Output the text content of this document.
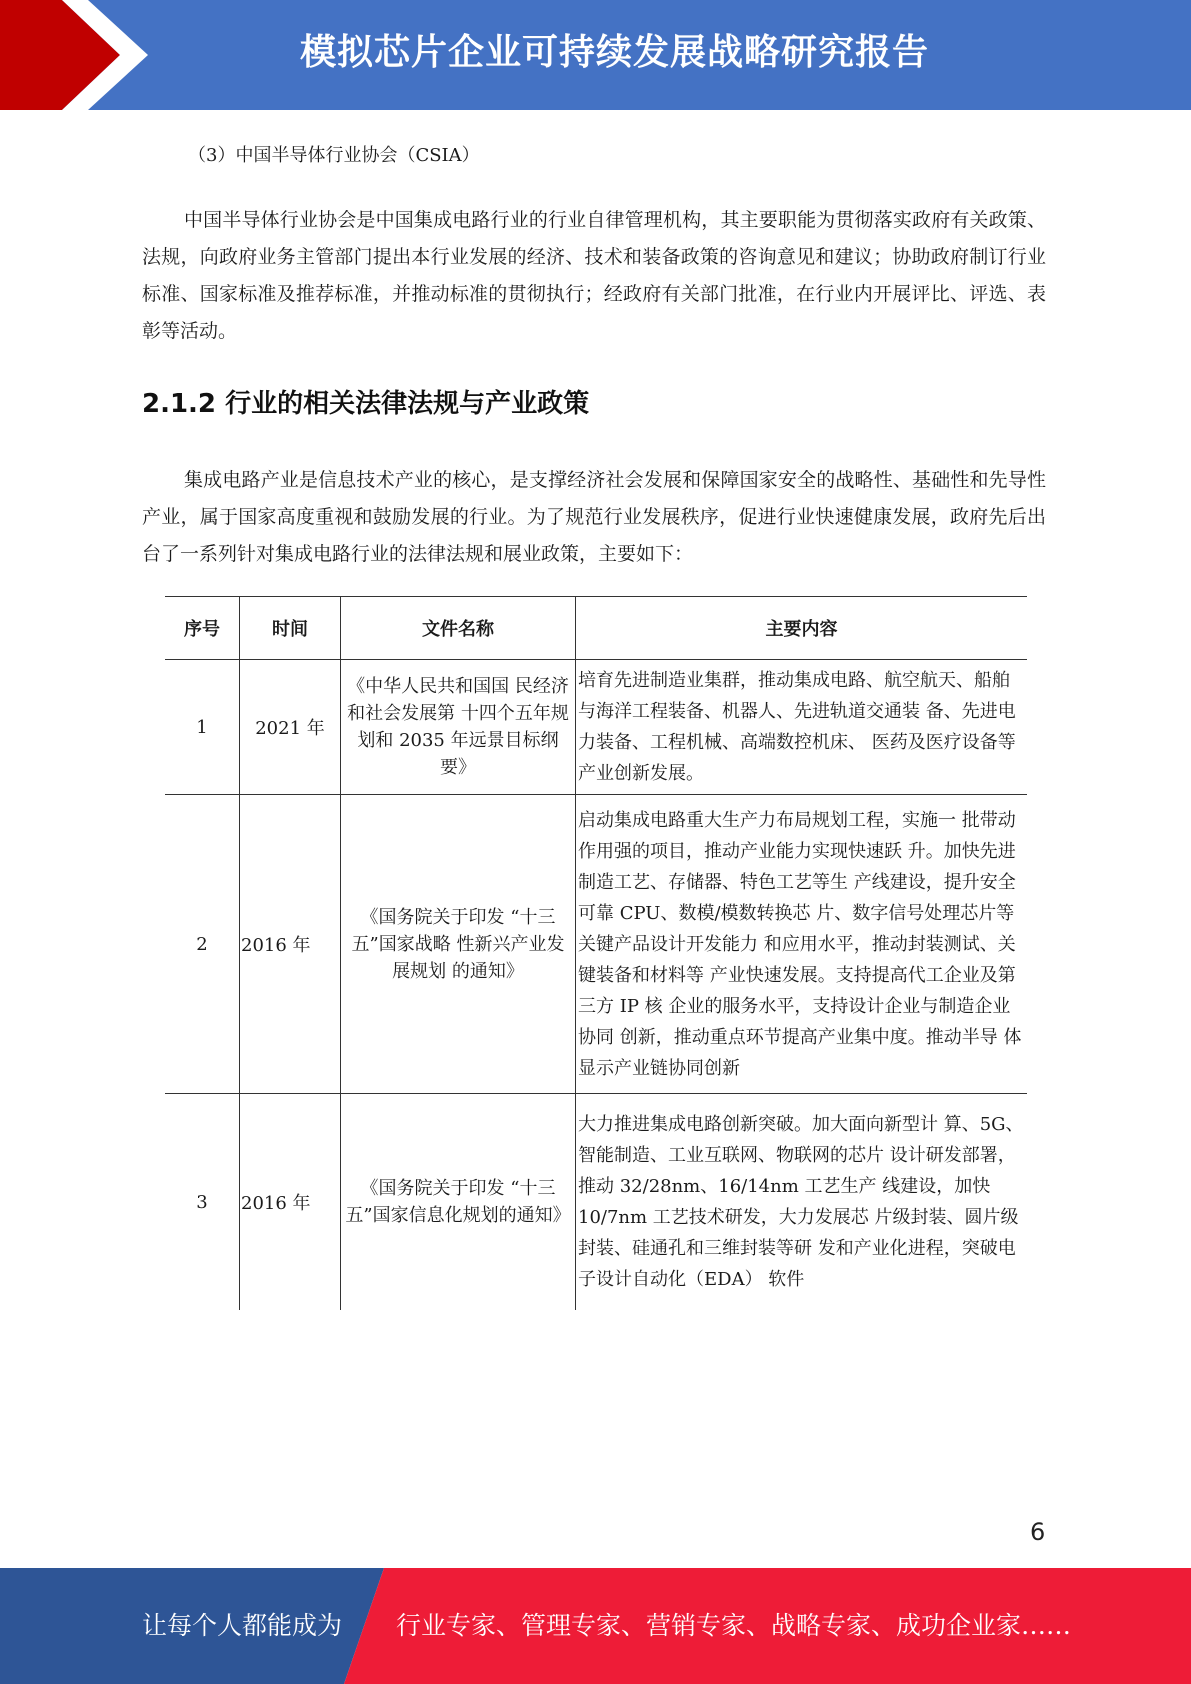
模拟芯片企业可持续发展战略研究报告
（3）中国半导体行业协会（CSIA）

中国半导体行业协会是中国集成电路行业的行业自律管理机构，其主要职能为贯彻落实政府有关政策、法规，向政府业务主管部门提出本行业发展的经济、技术和装备政策的咨询意见和建议；协助政府制订行业标准、国家标准及推荐标准，并推动标准的贯彻执行；经政府有关部门批准，在行业内开展评比、评选、表彰等活动。

2.1.2 行业的相关法律法规与产业政策

集成电路产业是信息技术产业的核心，是支撑经济社会发展和保障国家安全的战略性、基础性和先导性产业，属于国家高度重视和鼓励发展的行业。为了规范行业发展秩序，促进行业快速健康发展，政府先后出台了一系列针对集成电路行业的法律法规和展业政策，主要如下：

序号	时间	文件名称	主要内容
1	2021 年	《中华人民共和国国 民经济和社会发展第 十四个五年规划和 2035 年远景目标纲要》	培育先进制造业集群，推动集成电路、航空航天、船舶与海洋工程装备、机器人、先进轨道交通装 备、先进电力装备、工程机械、高端数控机床、 医药及医疗设备等产业创新发展。
2	2016 年	《国务院关于印发 “十三五”国家战略 性新兴产业发展规划 的通知》	启动集成电路重大生产力布局规划工程，实施一 批带动作用强的项目，推动产业能力实现快速跃 升。加快先进制造工艺、存储器、特色工艺等生 产线建设，提升安全可靠 CPU、数模/模数转换芯 片、数字信号处理芯片等关键产品设计开发能力 和应用水平，推动封装测试、关键装备和材料等 产业快速发展。支持提高代工企业及第三方 IP 核 企业的服务水平，支持设计企业与制造企业协同 创新，推动重点环节提高产业集中度。推动半导 体显示产业链协同创新
3	2016 年	《国务院关于印发 “十三五”国家信息化规划的通知》	大力推进集成电路创新突破。加大面向新型计 算、5G、智能制造、工业互联网、物联网的芯片 设计研发部署，推动 32/28nm、16/14nm 工艺生产 线建设，加快 10/7nm 工艺技术研发，大力发展芯 片级封装、圆片级封装、硅通孔和三维封装等研 发和产业化进程，突破电子设计自动化（EDA） 软件
6
让每个人都能成为 行业专家、管理专家、营销专家、战略专家、成功企业家……
